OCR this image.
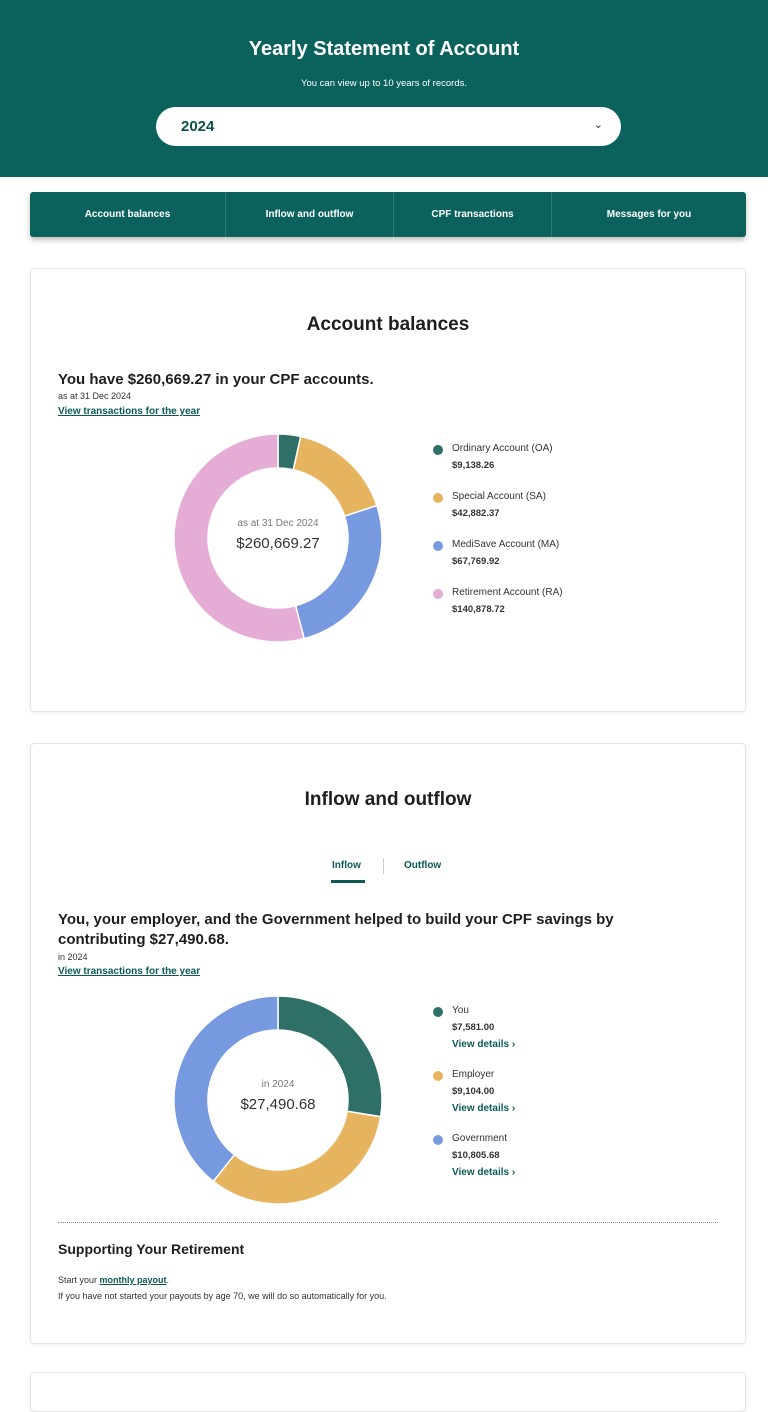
Yearly Statement of Account
You can view up to 10 years of records.
2024	⌄
Account balances	Inflow and outflow	CPF transactions	Messages for you
Account balances
You have $260,669.27 in your CPF accounts.
as at 31 Dec 2024
View transactions for the year
as at 31 Dec 2024
$260,669.27
Ordinary Account (OA)
$9,138.26
Special Account (SA)
$42,882.37
MediSave Account (MA)
$67,769.92
Retirement Account (RA)
$140,878.72
Inflow and outflow
Inflow	Outflow
You, your employer, and the Government helped to build your CPF savings by contributing $27,490.68.
in 2024
View transactions for the year
in 2024
$27,490.68
You
$7,581.00
View details ›
Employer
$9,104.00
View details ›
Government
$10,805.68
View details ›
Supporting Your Retirement
Start your monthly payout.
If you have not started your payouts by age 70, we will do so automatically for you.
